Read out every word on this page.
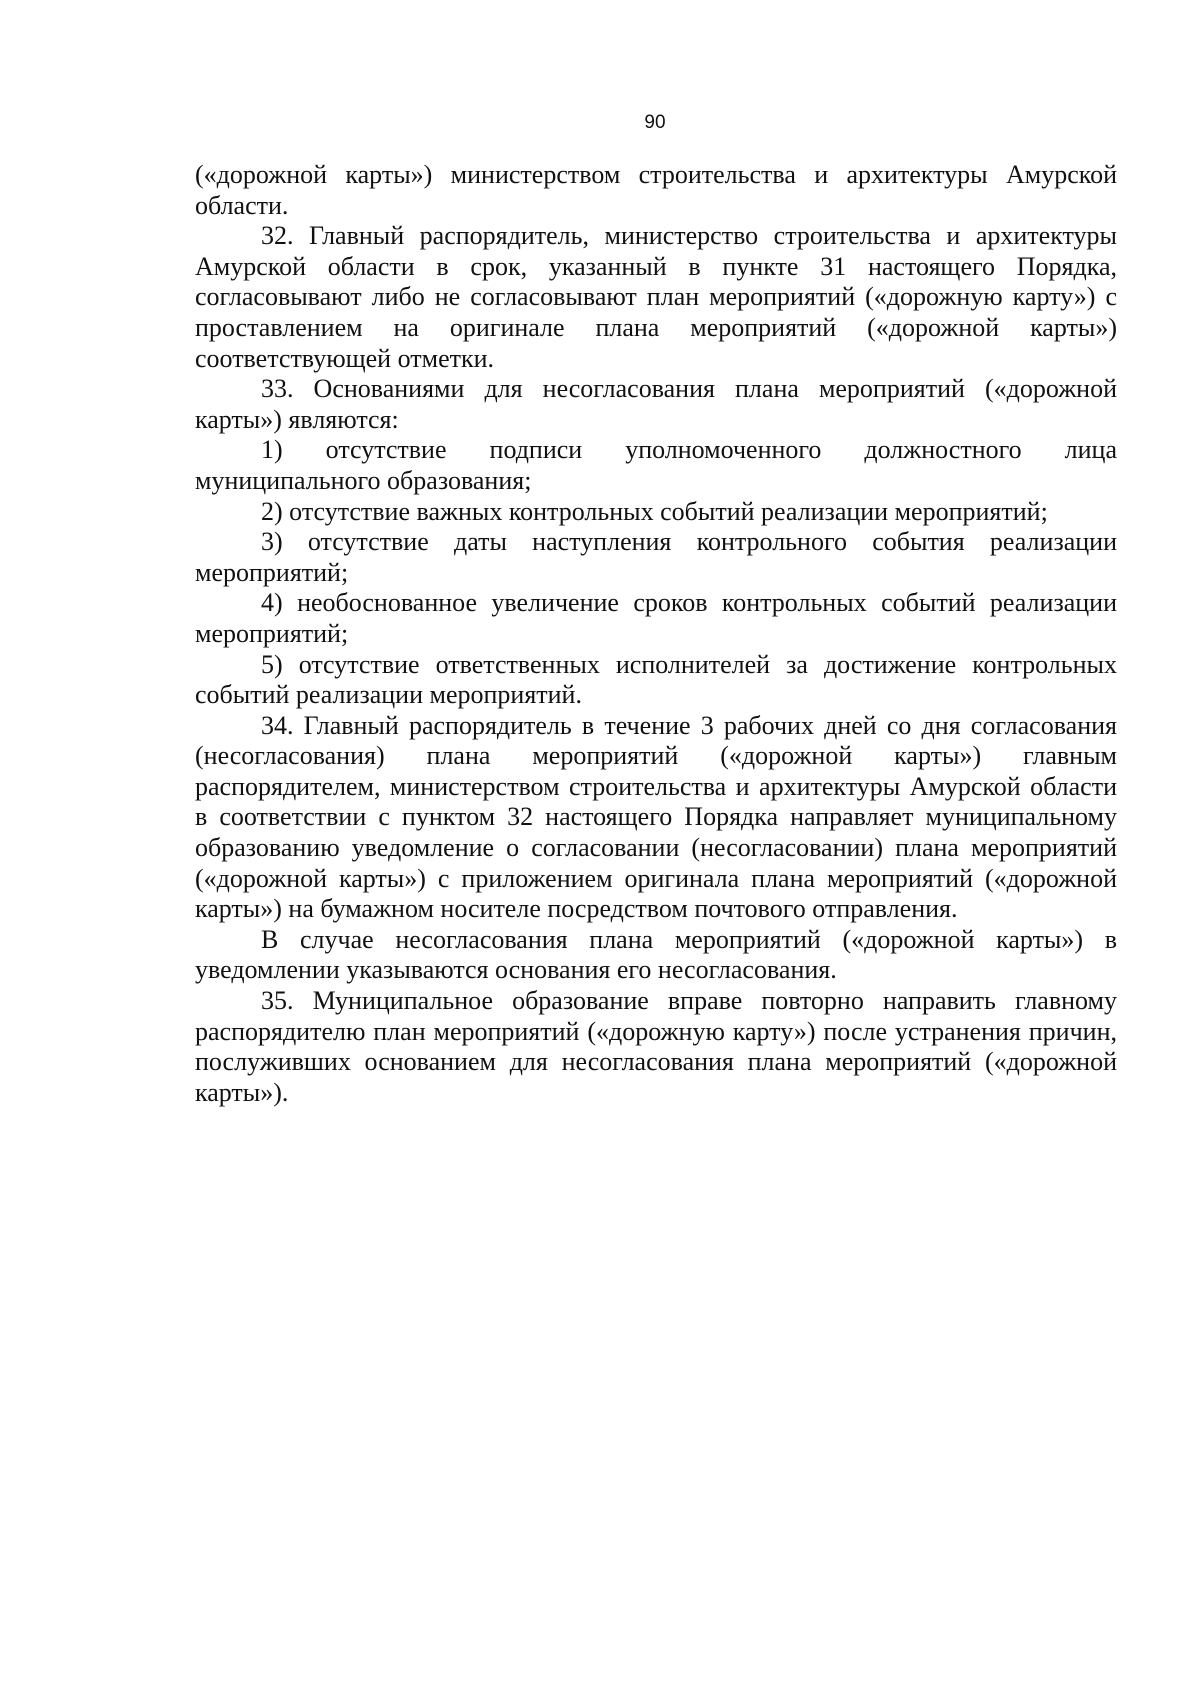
90

(«дорожной карты») министерством строительства и архитектуры Амурской области.

32. Главный распорядитель, министерство строительства и архитектуры Амурской области в срок, указанный в пункте 31 настоящего Порядка, согласовывают либо не согласовывают план мероприятий («дорожную карту») с проставлением на оригинале плана мероприятий («дорожной карты») соответствующей отметки.

33. Основаниями для несогласования плана мероприятий («дорожной карты») являются:

1) отсутствие подписи уполномоченного должностного лица муниципального образования;

2) отсутствие важных контрольных событий реализации мероприятий;

3) отсутствие даты наступления контрольного события реализации мероприятий;

4) необоснованное увеличение сроков контрольных событий реализации мероприятий;

5) отсутствие ответственных исполнителей за достижение контрольных событий реализации мероприятий.

34. Главный распорядитель в течение 3 рабочих дней со дня согласования (несогласования) плана мероприятий («дорожной карты») главным распорядителем, министерством строительства и архитектуры Амурской области в соответствии с пунктом 32 настоящего Порядка направляет муниципальному образованию уведомление о согласовании (несогласовании) плана мероприятий («дорожной карты») с приложением оригинала плана мероприятий («дорожной карты») на бумажном носителе посредством почтового отправления.

В случае несогласования плана мероприятий («дорожной карты») в уведомлении указываются основания его несогласования.

35. Муниципальное образование вправе повторно направить главному распорядителю план мероприятий («дорожную карту») после устранения причин, послуживших основанием для несогласования плана мероприятий («дорожной карты»).
